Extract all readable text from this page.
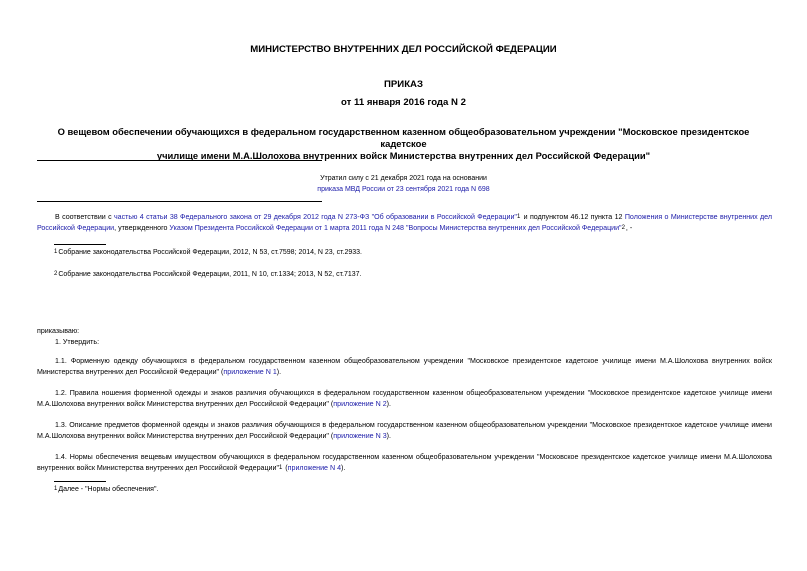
МИНИСТЕРСТВО ВНУТРЕННИХ ДЕЛ РОССИЙСКОЙ ФЕДЕРАЦИИ
ПРИКАЗ
от 11 января 2016 года N 2
О вещевом обеспечении обучающихся в федеральном государственном казенном общеобразовательном учреждении "Московское президентское кадетское
училище имени М.А.Шолохова внутренних войск Министерства внутренних дел Российской Федерации"
Утратил силу с 21 декабря 2021 года на основании
приказа МВД России от 23 сентября 2021 года N 698
В соответствии с частью 4 статьи 38 Федерального закона от 29 декабря 2012 года N 273-ФЗ "Об образовании в Российской Федерации"1 и подпунктом 46.12 пункта 12 Положения о Министерстве внутренних дел Российской Федерации, утвержденного Указом Президента Российской Федерации от 1 марта 2011 года N 248 "Вопросы Министерства внутренних дел Российской Федерации"2, -
1Собрание законодательства Российской Федерации, 2012, N 53, ст.7598; 2014, N 23, ст.2933.
2Собрание законодательства Российской Федерации, 2011, N 10, ст.1334; 2013, N 52, ст.7137.
приказываю:
1. Утвердить:
1.1. Форменную одежду обучающихся в федеральном государственном казенном общеобразовательном учреждении "Московское президентское кадетское училище имени М.А.Шолохова внутренних войск Министерства внутренних дел Российской Федерации" (приложение N 1).
1.2. Правила ношения форменной одежды и знаков различия обучающихся в федеральном государственном казенном общеобразовательном учреждении "Московское президентское кадетское училище имени М.А.Шолохова внутренних войск Министерства внутренних дел Российской Федерации" (приложение N 2).
1.3. Описание предметов форменной одежды и знаков различия обучающихся в федеральном государственном казенном общеобразовательном учреждении "Московское президентское кадетское училище имени М.А.Шолохова внутренних войск Министерства внутренних дел Российской Федерации" (приложение N 3).
1.4. Нормы обеспечения вещевым имуществом обучающихся в федеральном государственном казенном общеобразовательном учреждении "Московское президентское кадетское училище имени М.А.Шолохова внутренних войск Министерства внутренних дел Российской Федерации"1 (приложение N 4).
1Далее - "Нормы обеспечения".
